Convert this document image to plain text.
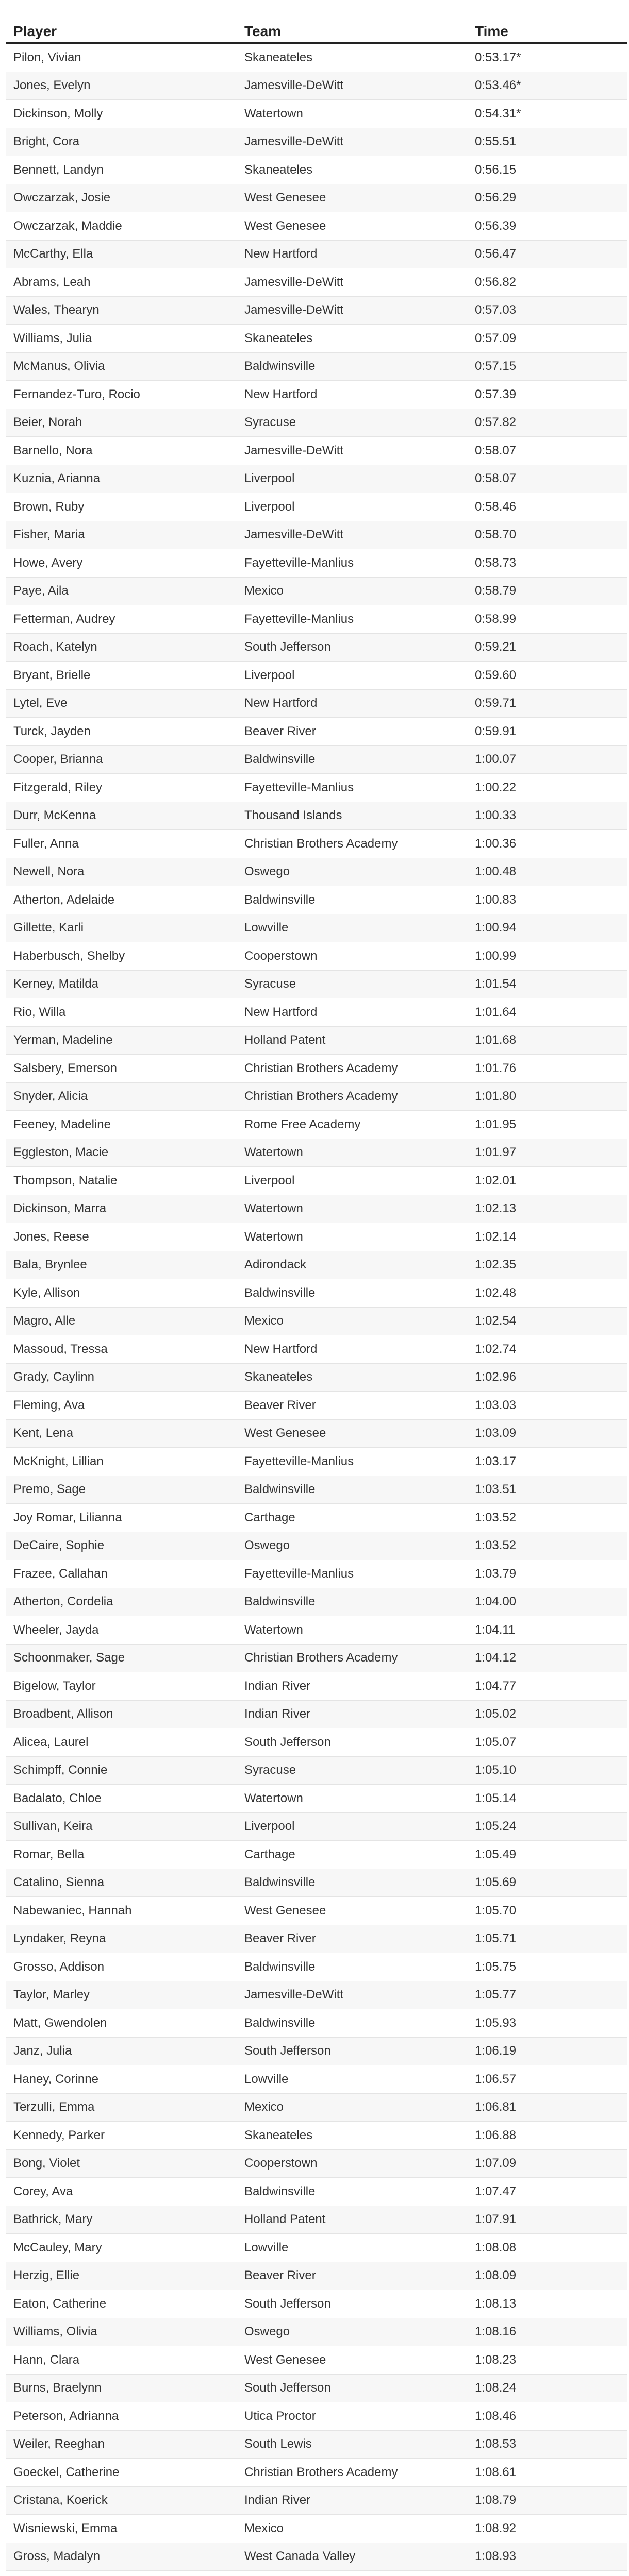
Player	Team	Time
Pilon, Vivian	Skaneateles	0:53.17*
Jones, Evelyn	Jamesville-DeWitt	0:53.46*
Dickinson, Molly	Watertown	0:54.31*
Bright, Cora	Jamesville-DeWitt	0:55.51
Bennett, Landyn	Skaneateles	0:56.15
Owczarzak, Josie	West Genesee	0:56.29
Owczarzak, Maddie	West Genesee	0:56.39
McCarthy, Ella	New Hartford	0:56.47
Abrams, Leah	Jamesville-DeWitt	0:56.82
Wales, Thearyn	Jamesville-DeWitt	0:57.03
Williams, Julia	Skaneateles	0:57.09
McManus, Olivia	Baldwinsville	0:57.15
Fernandez-Turo, Rocio	New Hartford	0:57.39
Beier, Norah	Syracuse	0:57.82
Barnello, Nora	Jamesville-DeWitt	0:58.07
Kuznia, Arianna	Liverpool	0:58.07
Brown, Ruby	Liverpool	0:58.46
Fisher, Maria	Jamesville-DeWitt	0:58.70
Howe, Avery	Fayetteville-Manlius	0:58.73
Paye, Aila	Mexico	0:58.79
Fetterman, Audrey	Fayetteville-Manlius	0:58.99
Roach, Katelyn	South Jefferson	0:59.21
Bryant, Brielle	Liverpool	0:59.60
Lytel, Eve	New Hartford	0:59.71
Turck, Jayden	Beaver River	0:59.91
Cooper, Brianna	Baldwinsville	1:00.07
Fitzgerald, Riley	Fayetteville-Manlius	1:00.22
Durr, McKenna	Thousand Islands	1:00.33
Fuller, Anna	Christian Brothers Academy	1:00.36
Newell, Nora	Oswego	1:00.48
Atherton, Adelaide	Baldwinsville	1:00.83
Gillette, Karli	Lowville	1:00.94
Haberbusch, Shelby	Cooperstown	1:00.99
Kerney, Matilda	Syracuse	1:01.54
Rio, Willa	New Hartford	1:01.64
Yerman, Madeline	Holland Patent	1:01.68
Salsbery, Emerson	Christian Brothers Academy	1:01.76
Snyder, Alicia	Christian Brothers Academy	1:01.80
Feeney, Madeline	Rome Free Academy	1:01.95
Eggleston, Macie	Watertown	1:01.97
Thompson, Natalie	Liverpool	1:02.01
Dickinson, Marra	Watertown	1:02.13
Jones, Reese	Watertown	1:02.14
Bala, Brynlee	Adirondack	1:02.35
Kyle, Allison	Baldwinsville	1:02.48
Magro, Alle	Mexico	1:02.54
Massoud, Tressa	New Hartford	1:02.74
Grady, Caylinn	Skaneateles	1:02.96
Fleming, Ava	Beaver River	1:03.03
Kent, Lena	West Genesee	1:03.09
McKnight, Lillian	Fayetteville-Manlius	1:03.17
Premo, Sage	Baldwinsville	1:03.51
Joy Romar, Lilianna	Carthage	1:03.52
DeCaire, Sophie	Oswego	1:03.52
Frazee, Callahan	Fayetteville-Manlius	1:03.79
Atherton, Cordelia	Baldwinsville	1:04.00
Wheeler, Jayda	Watertown	1:04.11
Schoonmaker, Sage	Christian Brothers Academy	1:04.12
Bigelow, Taylor	Indian River	1:04.77
Broadbent, Allison	Indian River	1:05.02
Alicea, Laurel	South Jefferson	1:05.07
Schimpff, Connie	Syracuse	1:05.10
Badalato, Chloe	Watertown	1:05.14
Sullivan, Keira	Liverpool	1:05.24
Romar, Bella	Carthage	1:05.49
Catalino, Sienna	Baldwinsville	1:05.69
Nabewaniec, Hannah	West Genesee	1:05.70
Lyndaker, Reyna	Beaver River	1:05.71
Grosso, Addison	Baldwinsville	1:05.75
Taylor, Marley	Jamesville-DeWitt	1:05.77
Matt, Gwendolen	Baldwinsville	1:05.93
Janz, Julia	South Jefferson	1:06.19
Haney, Corinne	Lowville	1:06.57
Terzulli, Emma	Mexico	1:06.81
Kennedy, Parker	Skaneateles	1:06.88
Bong, Violet	Cooperstown	1:07.09
Corey, Ava	Baldwinsville	1:07.47
Bathrick, Mary	Holland Patent	1:07.91
McCauley, Mary	Lowville	1:08.08
Herzig, Ellie	Beaver River	1:08.09
Eaton, Catherine	South Jefferson	1:08.13
Williams, Olivia	Oswego	1:08.16
Hann, Clara	West Genesee	1:08.23
Burns, Braelynn	South Jefferson	1:08.24
Peterson, Adrianna	Utica Proctor	1:08.46
Weiler, Reeghan	South Lewis	1:08.53
Goeckel, Catherine	Christian Brothers Academy	1:08.61
Cristana, Koerick	Indian River	1:08.79
Wisniewski, Emma	Mexico	1:08.92
Gross, Madalyn	West Canada Valley	1:08.93
